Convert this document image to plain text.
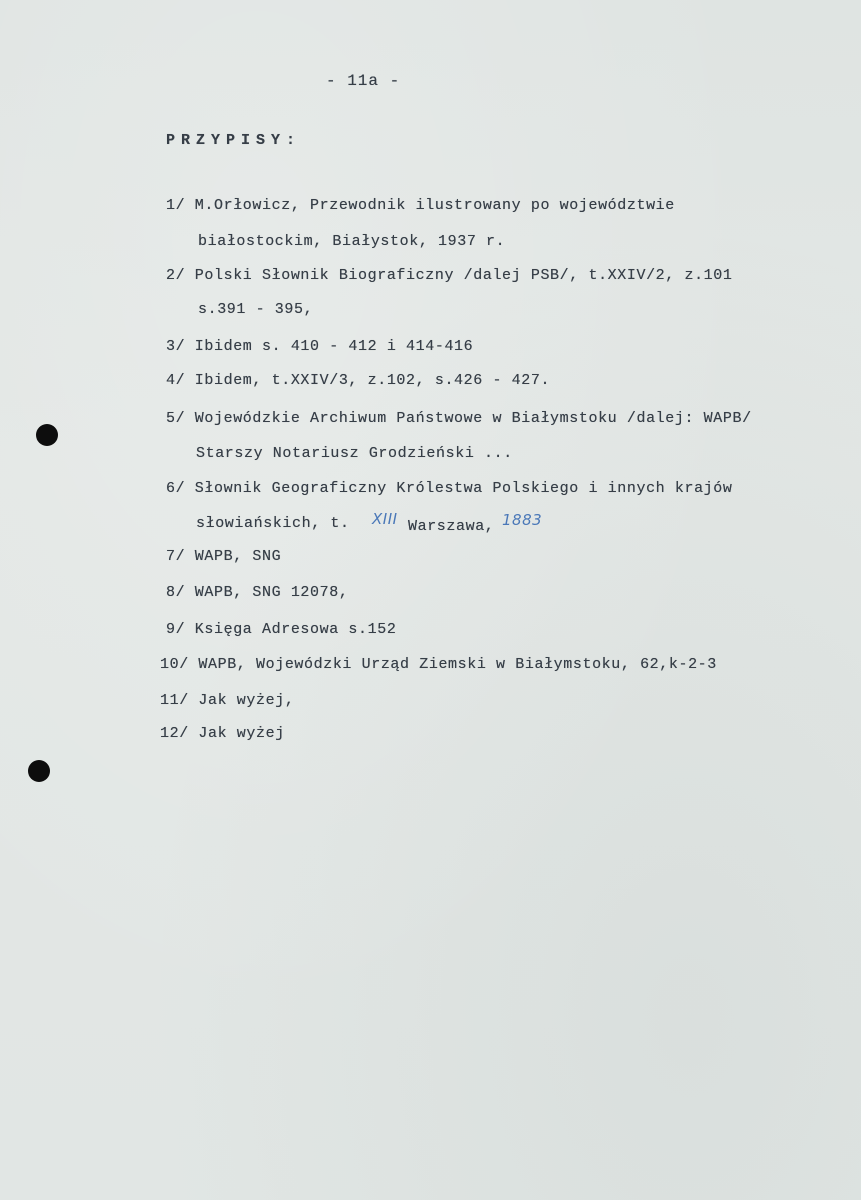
- 11a -
PRZYPISY:
1/ M.Orłowicz, Przewodnik ilustrowany po województwie
białostockim, Białystok, 1937 r.
2/ Polski Słownik Biograficzny /dalej PSB/, t.XXIV/2, z.101
s.391 - 395,
3/ Ibidem s. 410 - 412 i 414-416
4/ Ibidem, t.XXIV/3, z.102, s.426 - 427.
5/ Wojewódzkie Archiwum Państwowe w Białymstoku /dalej: WAPB/
Starszy Notariusz Grodzieński ...
6/ Słownik Geograficzny Królestwa Polskiego i innych krajów
słowiańskich, t. XIII Warszawa, 1883
7/ WAPB, SNG
8/ WAPB, SNG 12078,
9/ Księga Adresowa s.152
10/ WAPB, Wojewódzki Urząd Ziemski w Białymstoku, 62,k-2-3
11/ Jak wyżej,
12/ Jak wyżej
